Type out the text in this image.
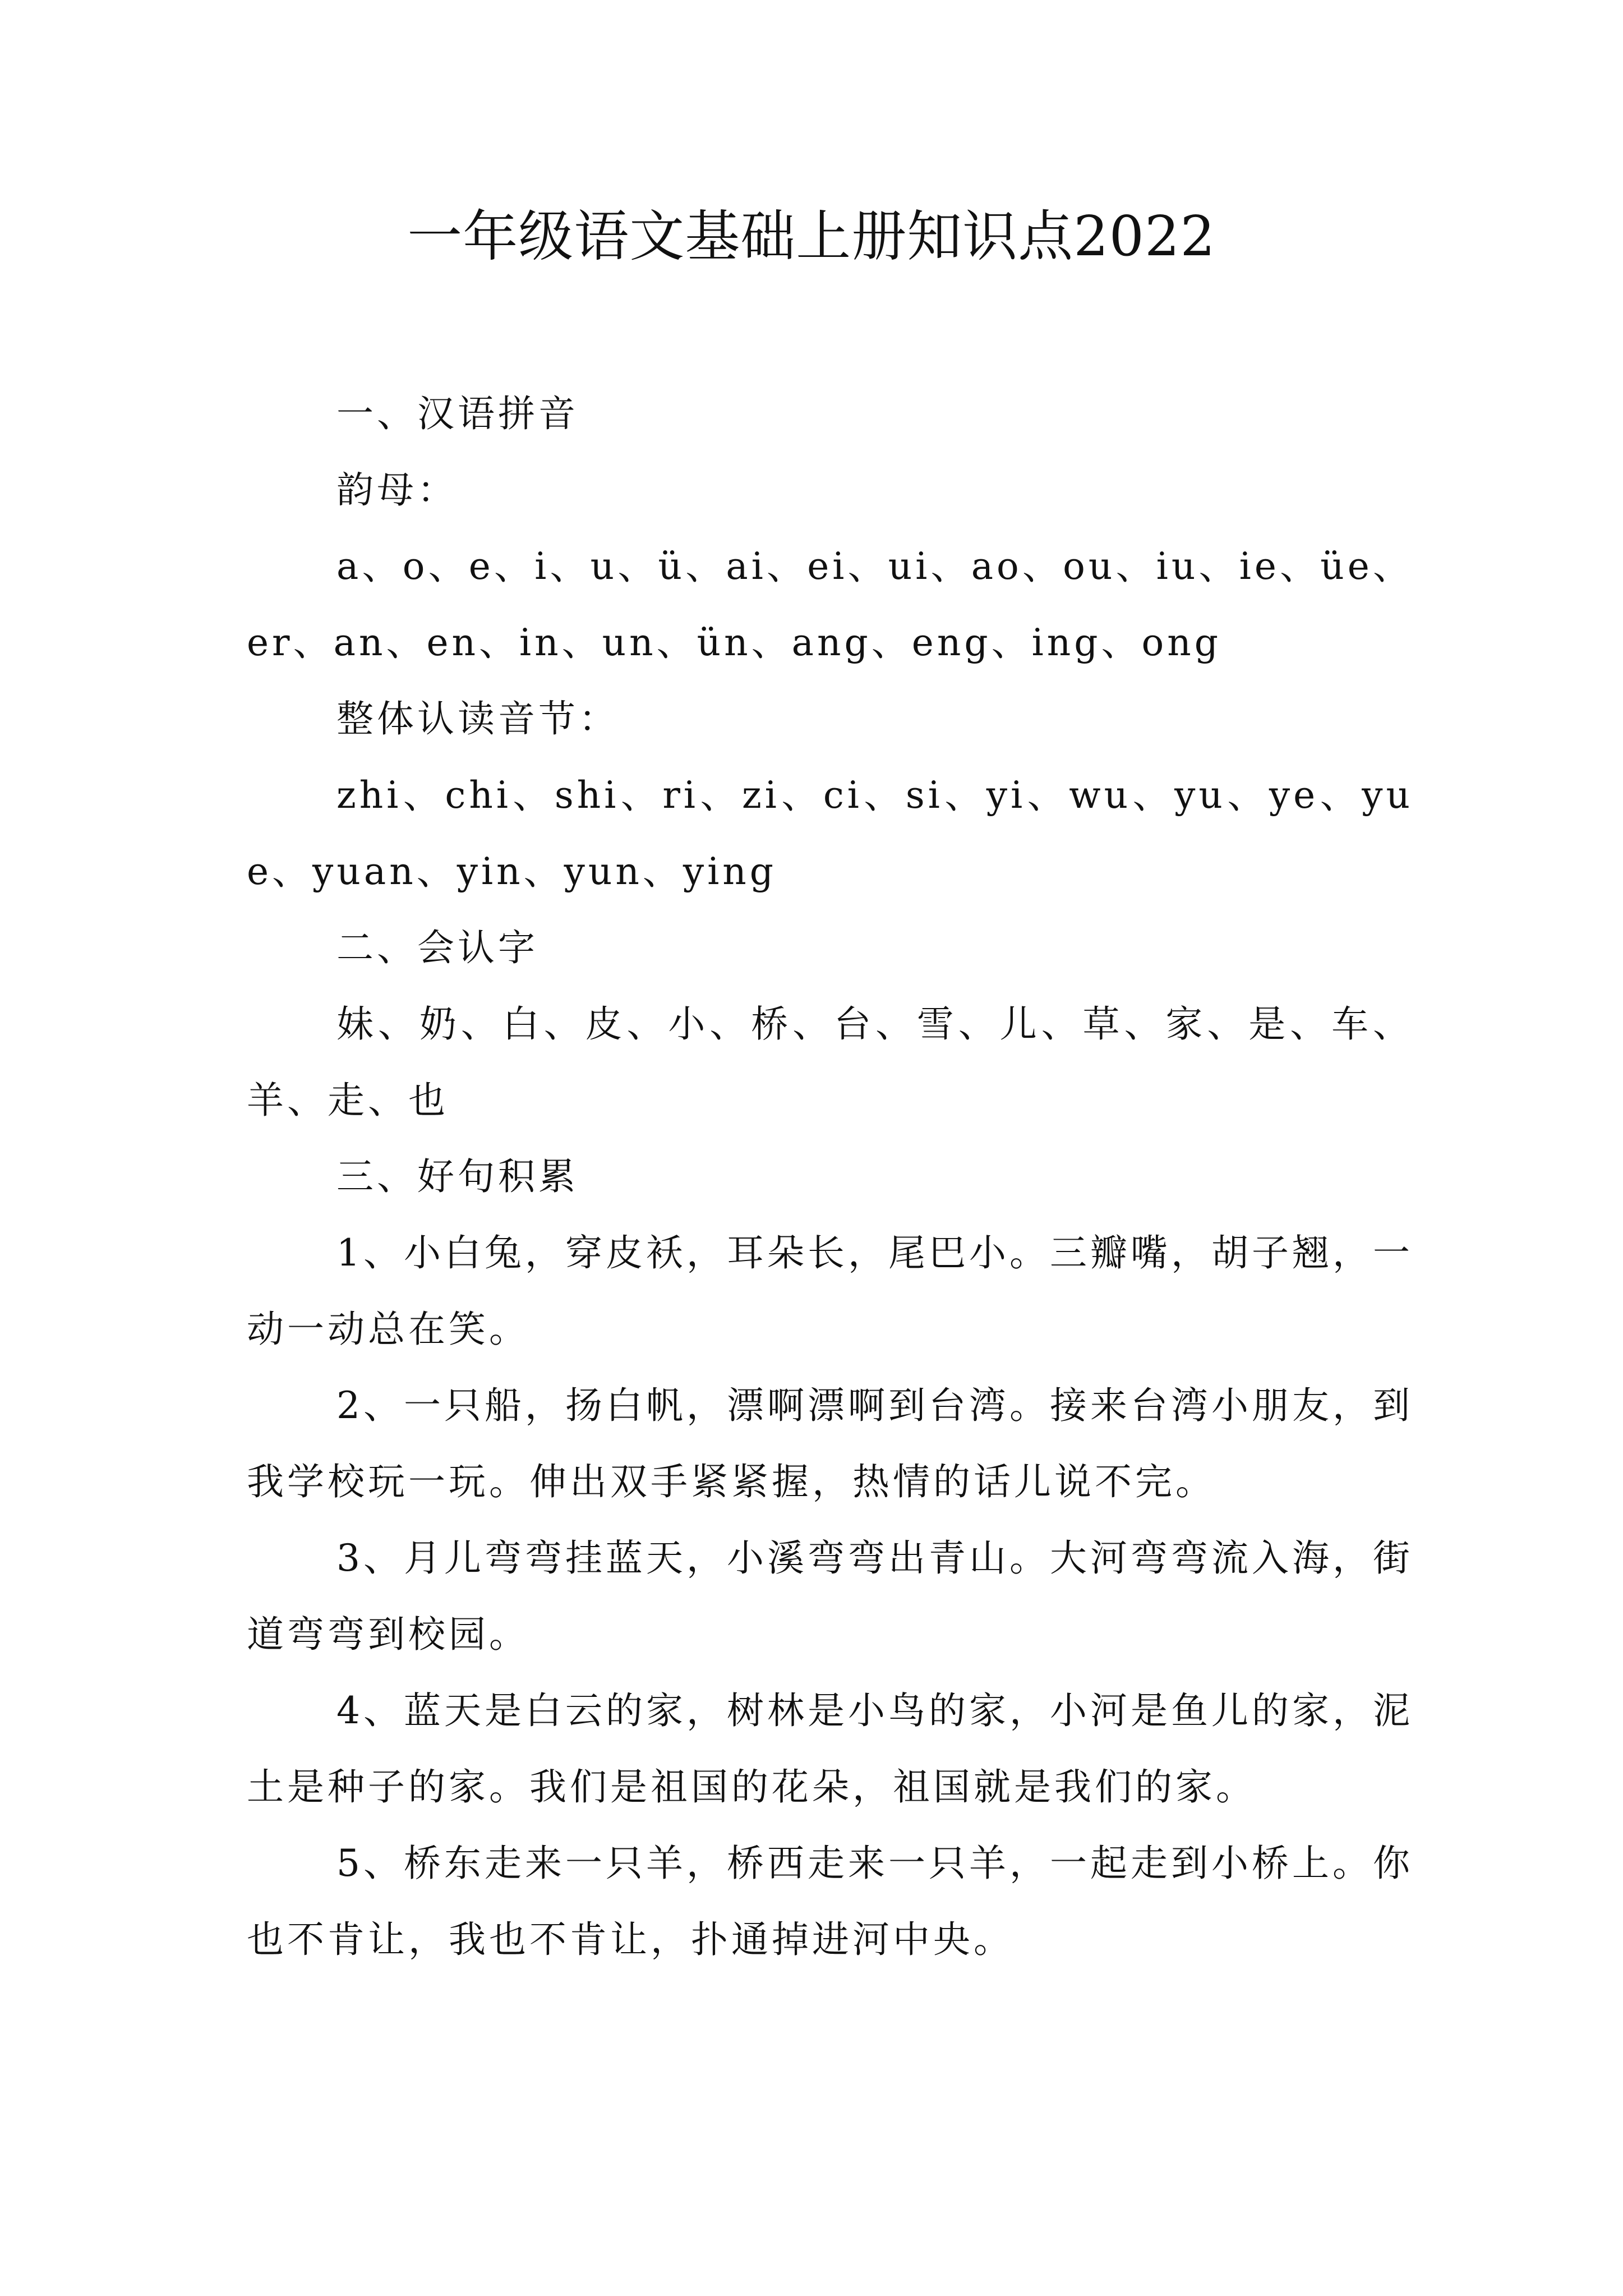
一年级语文基础上册知识点2022

一、汉语拼音

韵母：

a、o、e、i、u、ü、ai、ei、ui、ao、ou、iu、ie、üe、er、an、en、in、un、ün、ang、eng、ing、ong

整体认读音节：

zhi、chi、shi、ri、zi、ci、si、yi、wu、yu、ye、yue、yuan、yin、yun、ying

二、会认字

妹、奶、白、皮、小、桥、台、雪、儿、草、家、是、车、羊、走、也

三、好句积累

1、小白兔，穿皮袄，耳朵长，尾巴小。三瓣嘴，胡子翘，一动一动总在笑。

2、一只船，扬白帆，漂啊漂啊到台湾。接来台湾小朋友，到我学校玩一玩。伸出双手紧紧握，热情的话儿说不完。

3、月儿弯弯挂蓝天，小溪弯弯出青山。大河弯弯流入海，街道弯弯到校园。

4、蓝天是白云的家，树林是小鸟的家，小河是鱼儿的家，泥土是种子的家。我们是祖国的花朵，祖国就是我们的家。

5、桥东走来一只羊，桥西走来一只羊，一起走到小桥上。你也不肯让，我也不肯让，扑通掉进河中央。
